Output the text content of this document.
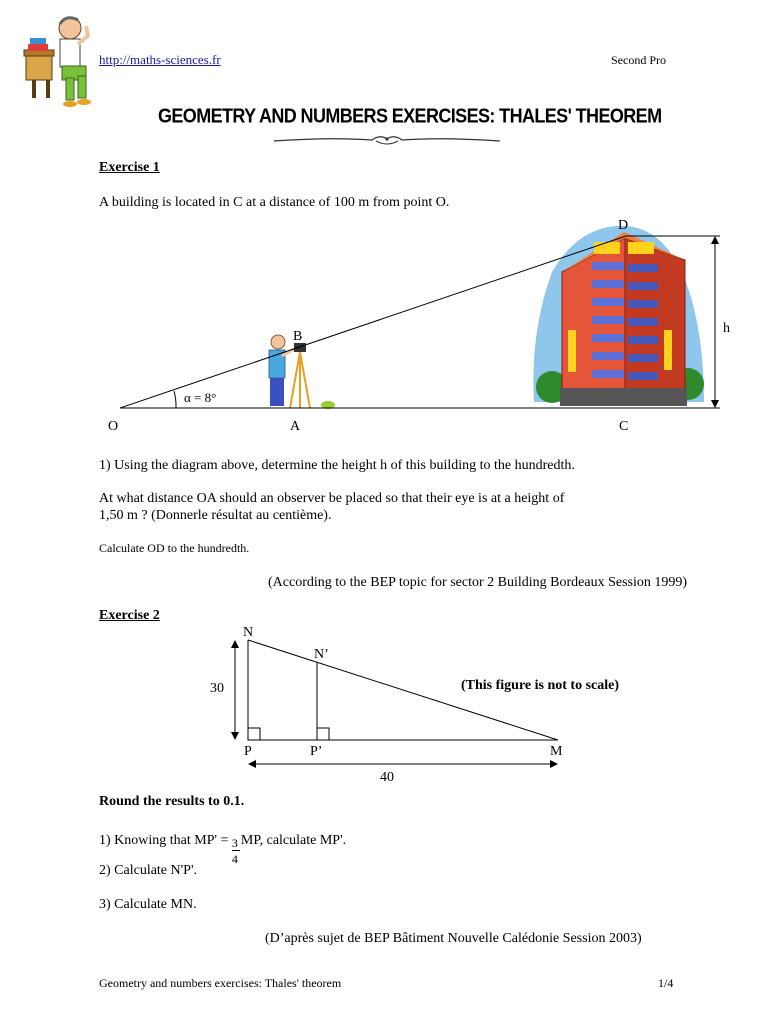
http://maths-sciences.fr	Second Pro
GEOMETRY AND NUMBERS EXERCISES: THALES' THEOREM
Exercise 1
A building is located in C at a distance of 100 m from point O.
D
B
h
α = 8°
O	A	C
1) Using the diagram above, determine the height h of this building to the hundredth.
At what distance OA should an observer be placed so that their eye is at a height of
1,50 m ? (Donnerle résultat au centième).
Calculate OD to the hundredth.
(According to the BEP topic for sector 2 Building Bordeaux Session 1999)
Exercise 2
N
N’
30
P	P’	M
40
(This figure is not to scale)
Round the results to 0.1.
1) Knowing that MP' =
$\frac{3}{4}$
MP, calculate MP'.
2) Calculate N'P'.
3) Calculate MN.
(D’après sujet de BEP Bâtiment Nouvelle Calédonie Session 2003)
Geometry and numbers exercises: Thales' theorem	1/4
